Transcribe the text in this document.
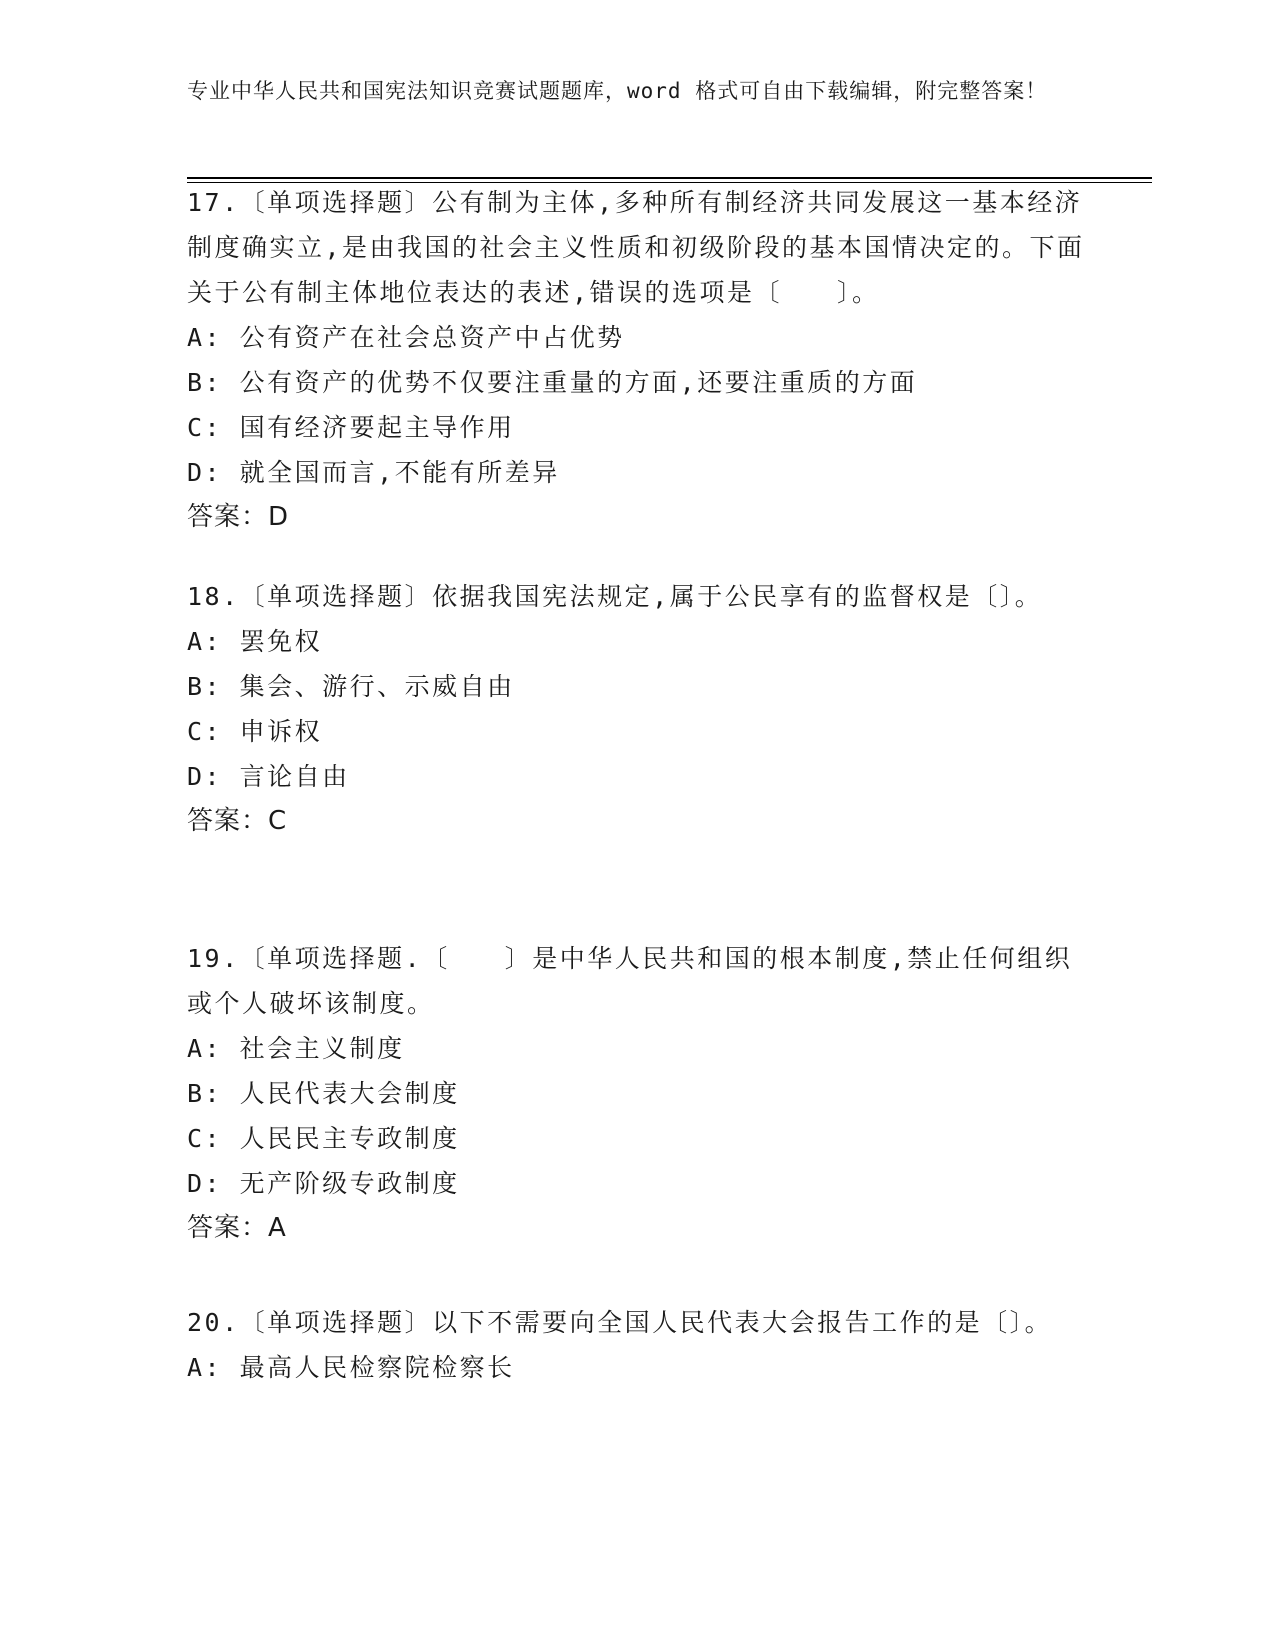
专业中华人民共和国宪法知识竞赛试题题库，word 格式可自由下载编辑，附完整答案！

17.〔单项选择题〕公有制为主体,多种所有制经济共同发展这一基本经济制度确实立,是由我国的社会主义性质和初级阶段的基本国情决定的。下面关于公有制主体地位表达的表述,错误的选项是〔　　〕。

A: 公有资产在社会总资产中占优势

B: 公有资产的优势不仅要注重量的方面,还要注重质的方面

C: 国有经济要起主导作用

D: 就全国而言,不能有所差异

答案：D

18.〔单项选择题〕依据我国宪法规定,属于公民享有的监督权是〔〕。

A: 罢免权

B: 集会、游行、示威自由

C: 申诉权

D: 言论自由

答案：C

19.〔单项选择题.〔　　〕是中华人民共和国的根本制度,禁止任何组织或个人破坏该制度。

A: 社会主义制度

B: 人民代表大会制度

C: 人民民主专政制度

D: 无产阶级专政制度

答案：A

20.〔单项选择题〕以下不需要向全国人民代表大会报告工作的是〔〕。

A: 最高人民检察院检察长
